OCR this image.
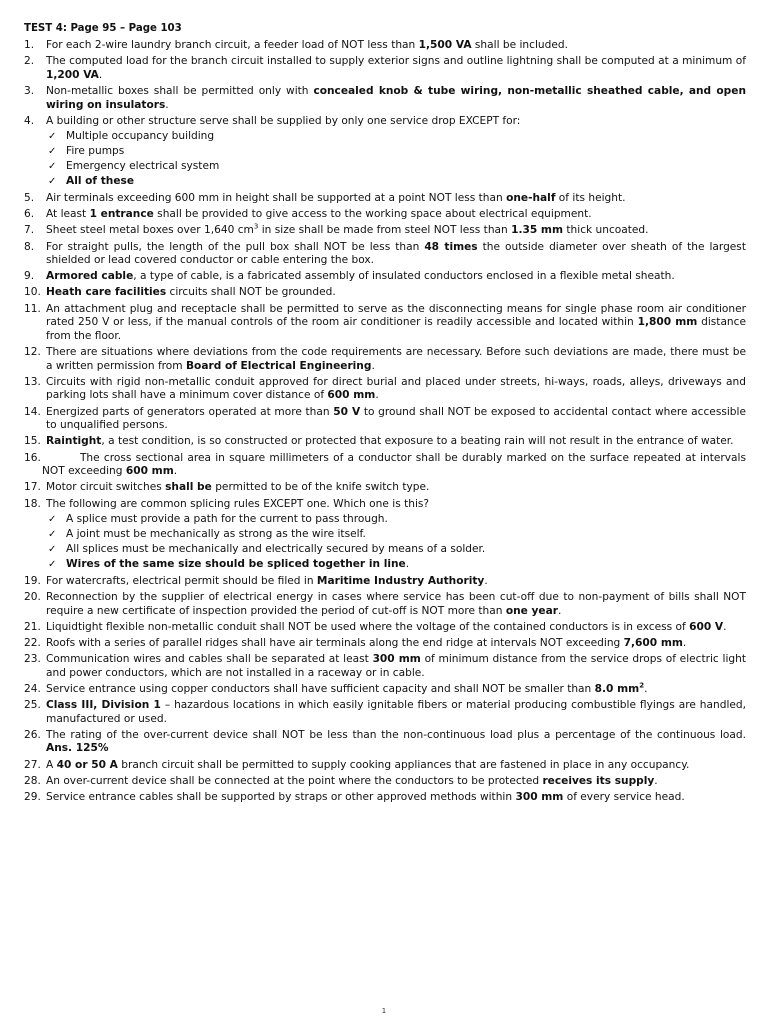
TEST 4: Page 95 – Page 103
1. For each 2-wire laundry branch circuit, a feeder load of NOT less than 1,500 VA shall be included.
2. The computed load for the branch circuit installed to supply exterior signs and outline lightning shall be computed at a minimum of 1,200 VA.
3. Non-metallic boxes shall be permitted only with concealed knob & tube wiring, non-metallic sheathed cable, and open wiring on insulators.
4. A building or other structure serve shall be supplied by only one service drop EXCEPT for:
✓ Multiple occupancy building
✓ Fire pumps
✓ Emergency electrical system
✓ All of these
5. Air terminals exceeding 600 mm in height shall be supported at a point NOT less than one-half of its height.
6. At least 1 entrance shall be provided to give access to the working space about electrical equipment.
7. Sheet steel metal boxes over 1,640 $cm^3$ in size shall be made from steel NOT less than 1.35 mm thick uncoated.
8. For straight pulls, the length of the pull box shall NOT be less than 48 times the outside diameter over sheath of the largest shielded or lead covered conductor or cable entering the box.
9. Armored cable, a type of cable, is a fabricated assembly of insulated conductors enclosed in a flexible metal sheath.
10. Heath care facilities circuits shall NOT be grounded.
11. An attachment plug and receptacle shall be permitted to serve as the disconnecting means for single phase room air conditioner rated 250 V or less, if the manual controls of the room air conditioner is readily accessible and located within 1,800 mm distance from the floor.
12. There are situations where deviations from the code requirements are necessary. Before such deviations are made, there must be a written permission from Board of Electrical Engineering.
13. Circuits with rigid non-metallic conduit approved for direct burial and placed under streets, hi-ways, roads, alleys, driveways and parking lots shall have a minimum cover distance of 600 mm.
14. Energized parts of generators operated at more than 50 V to ground shall NOT be exposed to accidental contact where accessible to unqualified persons.
15. Raintight, a test condition, is so constructed or protected that exposure to a beating rain will not result in the entrance of water.
16. The cross sectional area in square millimeters of a conductor shall be durably marked on the surface repeated at intervals NOT exceeding 600 mm.
17. Motor circuit switches shall be permitted to be of the knife switch type.
18. The following are common splicing rules EXCEPT one. Which one is this?
✓ A splice must provide a path for the current to pass through.
✓ A joint must be mechanically as strong as the wire itself.
✓ All splices must be mechanically and electrically secured by means of a solder.
✓ Wires of the same size should be spliced together in line.
19. For watercrafts, electrical permit should be filed in Maritime Industry Authority.
20. Reconnection by the supplier of electrical energy in cases where service has been cut-off due to non-payment of bills shall NOT require a new certificate of inspection provided the period of cut-off is NOT more than one year.
21. Liquidtight flexible non-metallic conduit shall NOT be used where the voltage of the contained conductors is in excess of 600 V.
22. Roofs with a series of parallel ridges shall have air terminals along the end ridge at intervals NOT exceeding 7,600 mm.
23. Communication wires and cables shall be separated at least 300 mm of minimum distance from the service drops of electric light and power conductors, which are not installed in a raceway or in cable.
24. Service entrance using copper conductors shall have sufficient capacity and shall NOT be smaller than 8.0 $mm^2$.
25. Class III, Division 1 – hazardous locations in which easily ignitable fibers or material producing combustible flyings are handled, manufactured or used.
26. The rating of the over-current device shall NOT be less than the non-continuous load plus a percentage of the continuous load. Ans. 125%
27. A 40 or 50 A branch circuit shall be permitted to supply cooking appliances that are fastened in place in any occupancy.
28. An over-current device shall be connected at the point where the conductors to be protected receives its supply.
29. Service entrance cables shall be supported by straps or other approved methods within 300 mm of every service head.
1
